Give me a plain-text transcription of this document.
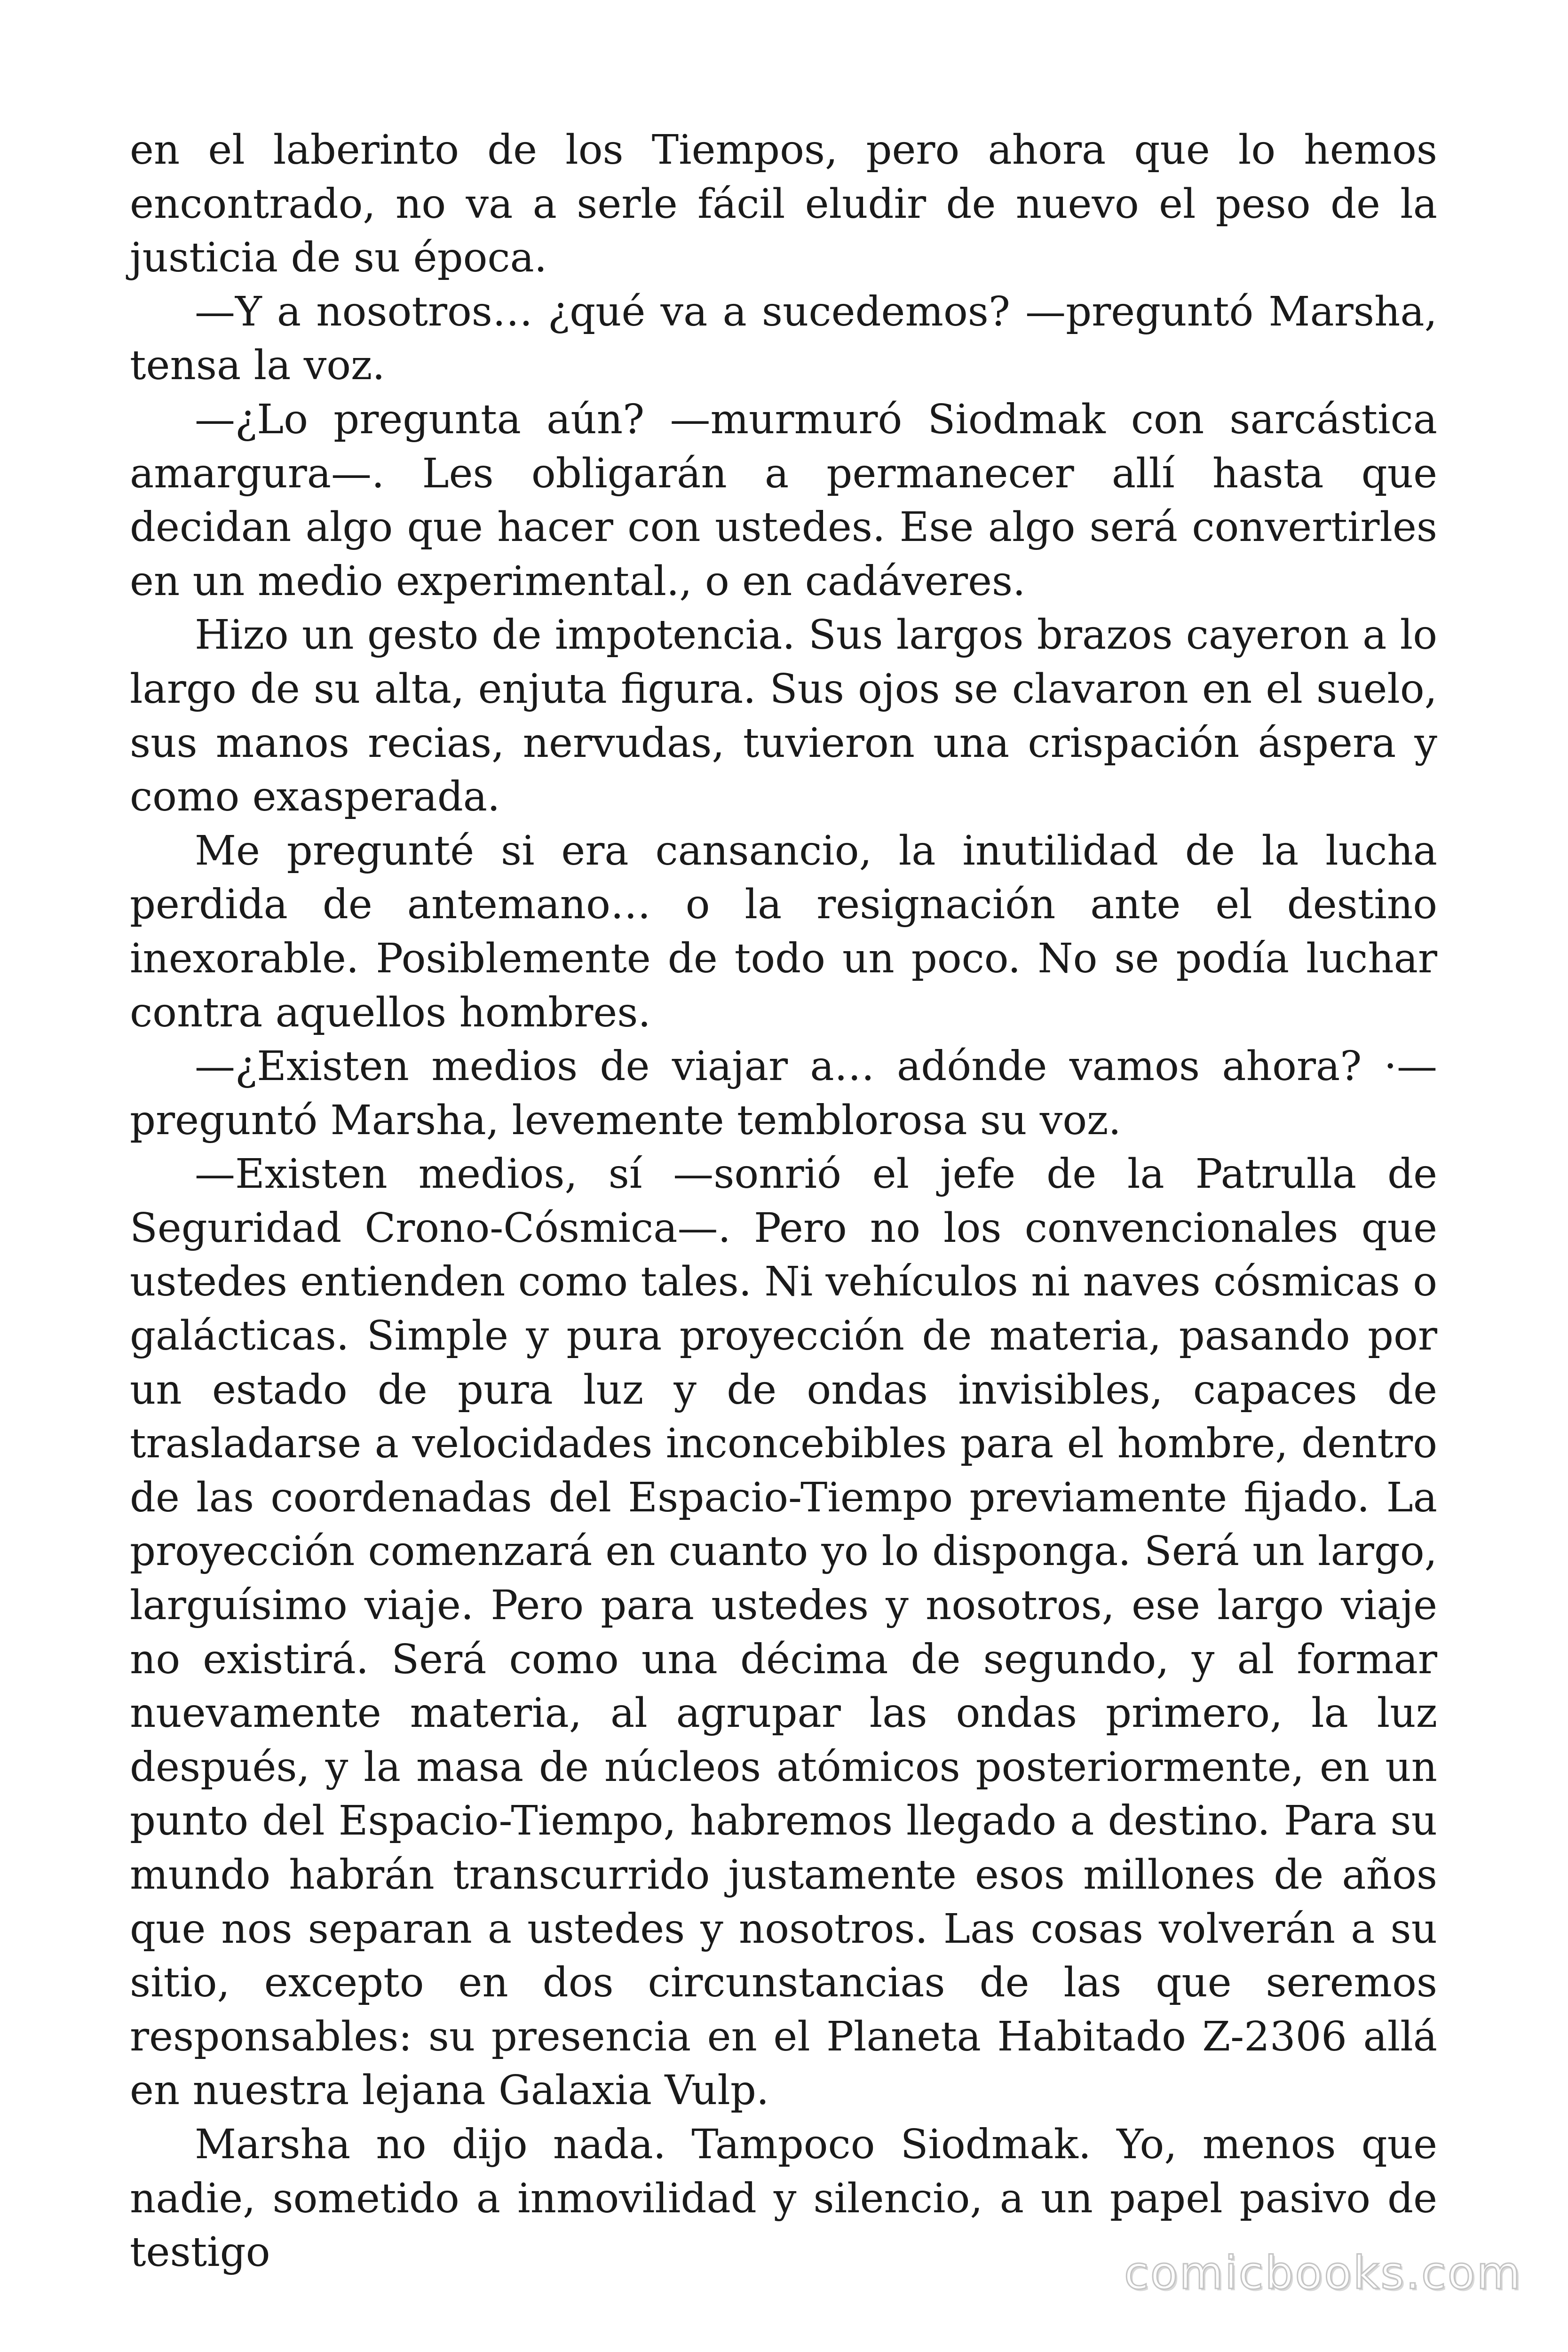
en el laberinto de los Tiempos, pero ahora que lo hemos encontrado, no va a serle fácil eludir de nuevo el peso de la justicia de su época.

—Y a nosotros… ¿qué va a sucedemos? —preguntó Marsha, tensa la voz.

—¿Lo pregunta aún? —murmuró Siodmak con sarcástica amargura—. Les obligarán a permanecer allí hasta que decidan algo que hacer con ustedes. Ese algo será convertirles en un medio experimental., o en cadáveres.

Hizo un gesto de impotencia. Sus largos brazos cayeron a lo largo de su alta, enjuta figura. Sus ojos se clavaron en el suelo, sus manos recias, nervudas, tuvieron una crispación áspera y como exasperada.

Me pregunté si era cansancio, la inutilidad de la lucha perdida de antemano… o la resignación ante el destino inexorable. Posiblemente de todo un poco. No se podía luchar contra aquellos hombres.

—¿Existen medios de viajar a… adónde vamos ahora? ·—preguntó Marsha, levemente temblorosa su voz.

—Existen medios, sí —sonrió el jefe de la Patrulla de Seguridad Crono-Cósmica—. Pero no los convencionales que ustedes entienden como tales. Ni vehículos ni naves cósmicas o galácticas. Simple y pura proyección de materia, pasando por un estado de pura luz y de ondas invisibles, capaces de trasladarse a velocidades inconcebibles para el hombre, dentro de las coordenadas del Espacio-Tiempo previamente fijado. La proyección comenzará en cuanto yo lo disponga. Será un largo, larguísimo viaje. Pero para ustedes y nosotros, ese largo viaje no existirá. Será como una décima de segundo, y al formar nuevamente materia, al agrupar las ondas primero, la luz después, y la masa de núcleos atómicos posteriormente, en un punto del Espacio-Tiempo, habremos llegado a destino. Para su mundo habrán transcurrido justamente esos millones de años que nos separan a ustedes y nosotros. Las cosas volverán a su sitio, excepto en dos circunstancias de las que seremos responsables: su presencia en el Planeta Habitado Z-2306 allá en nuestra lejana Galaxia Vulp.

Marsha no dijo nada. Tampoco Siodmak. Yo, menos que nadie, sometido a inmovilidad y silencio, a un papel pasivo de testigo	comicbooks.com
